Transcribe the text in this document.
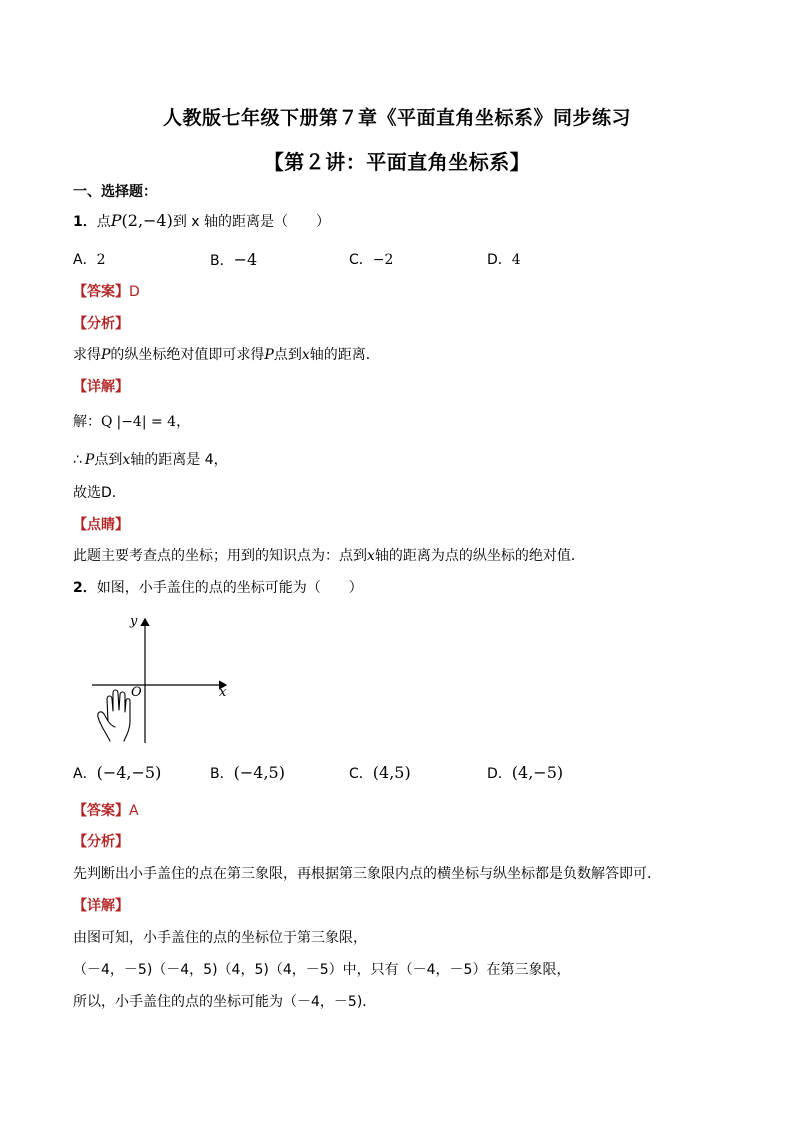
人教版七年级下册第７章《平面直角坐标系》同步练习
【第２讲：平面直角坐标系】
一、选择题：
1．点P(2,−4)到 x 轴的距离是（　　）
A．2	B．−4	C．−2	D．4
【答案】D
【分析】
求得P的纵坐标绝对值即可求得P点到x轴的距离．
【详解】
解：Q |−4| = 4，
∴ P点到x轴的距离是 4，
故选D．
【点睛】
此题主要考查点的坐标；用到的知识点为：点到x轴的距离为点的纵坐标的绝对值．
2．如图，小手盖住的点的坐标可能为（　　）
y
x
O
A．(−4,−5)	B．(−4,5)	C．(4,5)	D．(4,−5)
【答案】A
【分析】
先判断出小手盖住的点在第三象限，再根据第三象限内点的横坐标与纵坐标都是负数解答即可．
【详解】
由图可知，小手盖住的点的坐标位于第三象限，
（－4，－5)（－4，5)（4，5)（4，－5）中，只有（－4，－5）在第三象限，
所以，小手盖住的点的坐标可能为（－4，－5)．
